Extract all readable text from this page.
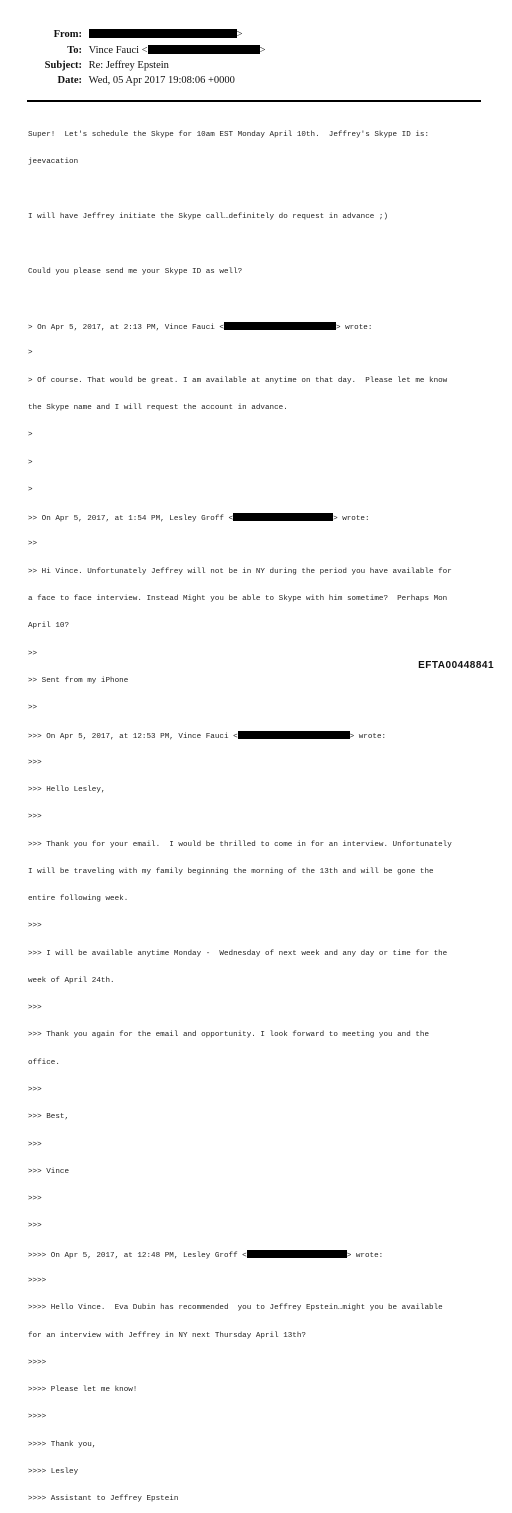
From:	>
To: Vince Fauci <	>
Subject: Re: Jeffrey Epstein
Date: Wed, 05 Apr 2017 19:08:06 +0000

Super!  Let's schedule the Skype for 10am EST Monday April 10th.  Jeffrey's Skype ID is:

jeevacation

I will have Jeffrey initiate the Skype call…definitely do request in advance ;)

Could you please send me your Skype ID as well?

> On Apr 5, 2017, at 2:13 PM, Vince Fauci <	> wrote:

>

> Of course. That would be great. I am available at anytime on that day.  Please let me know

the Skype name and I will request the account in advance.

>

>

>

>> On Apr 5, 2017, at 1:54 PM, Lesley Groff <	> wrote:

>>

>> Hi Vince. Unfortunately Jeffrey will not be in NY during the period you have available for

a face to face interview. Instead Might you be able to Skype with him sometime?  Perhaps Mon

April 10?

>>

>> Sent from my iPhone

>>

>>> On Apr 5, 2017, at 12:53 PM, Vince Fauci <	> wrote:

>>>

>>> Hello Lesley,

>>>

>>> Thank you for your email.  I would be thrilled to come in for an interview. Unfortunately

I will be traveling with my family beginning the morning of the 13th and will be gone the

entire following week.

>>>

>>> I will be available anytime Monday -  Wednesday of next week and any day or time for the

week of April 24th.

>>>

>>> Thank you again for the email and opportunity. I look forward to meeting you and the

office.

>>>

>>> Best,

>>>

>>> Vince

>>>

>>>

>>>> On Apr 5, 2017, at 12:48 PM, Lesley Groff <	> wrote:

>>>>

>>>> Hello Vince.  Eva Dubin has recommended  you to Jeffrey Epstein…might you be available

for an interview with Jeffrey in NY next Thursday April 13th?

>>>>

>>>> Please let me know!

>>>>

>>>> Thank you,

>>>> Lesley

>>>> Assistant to Jeffrey Epstein

EFTA00448841
